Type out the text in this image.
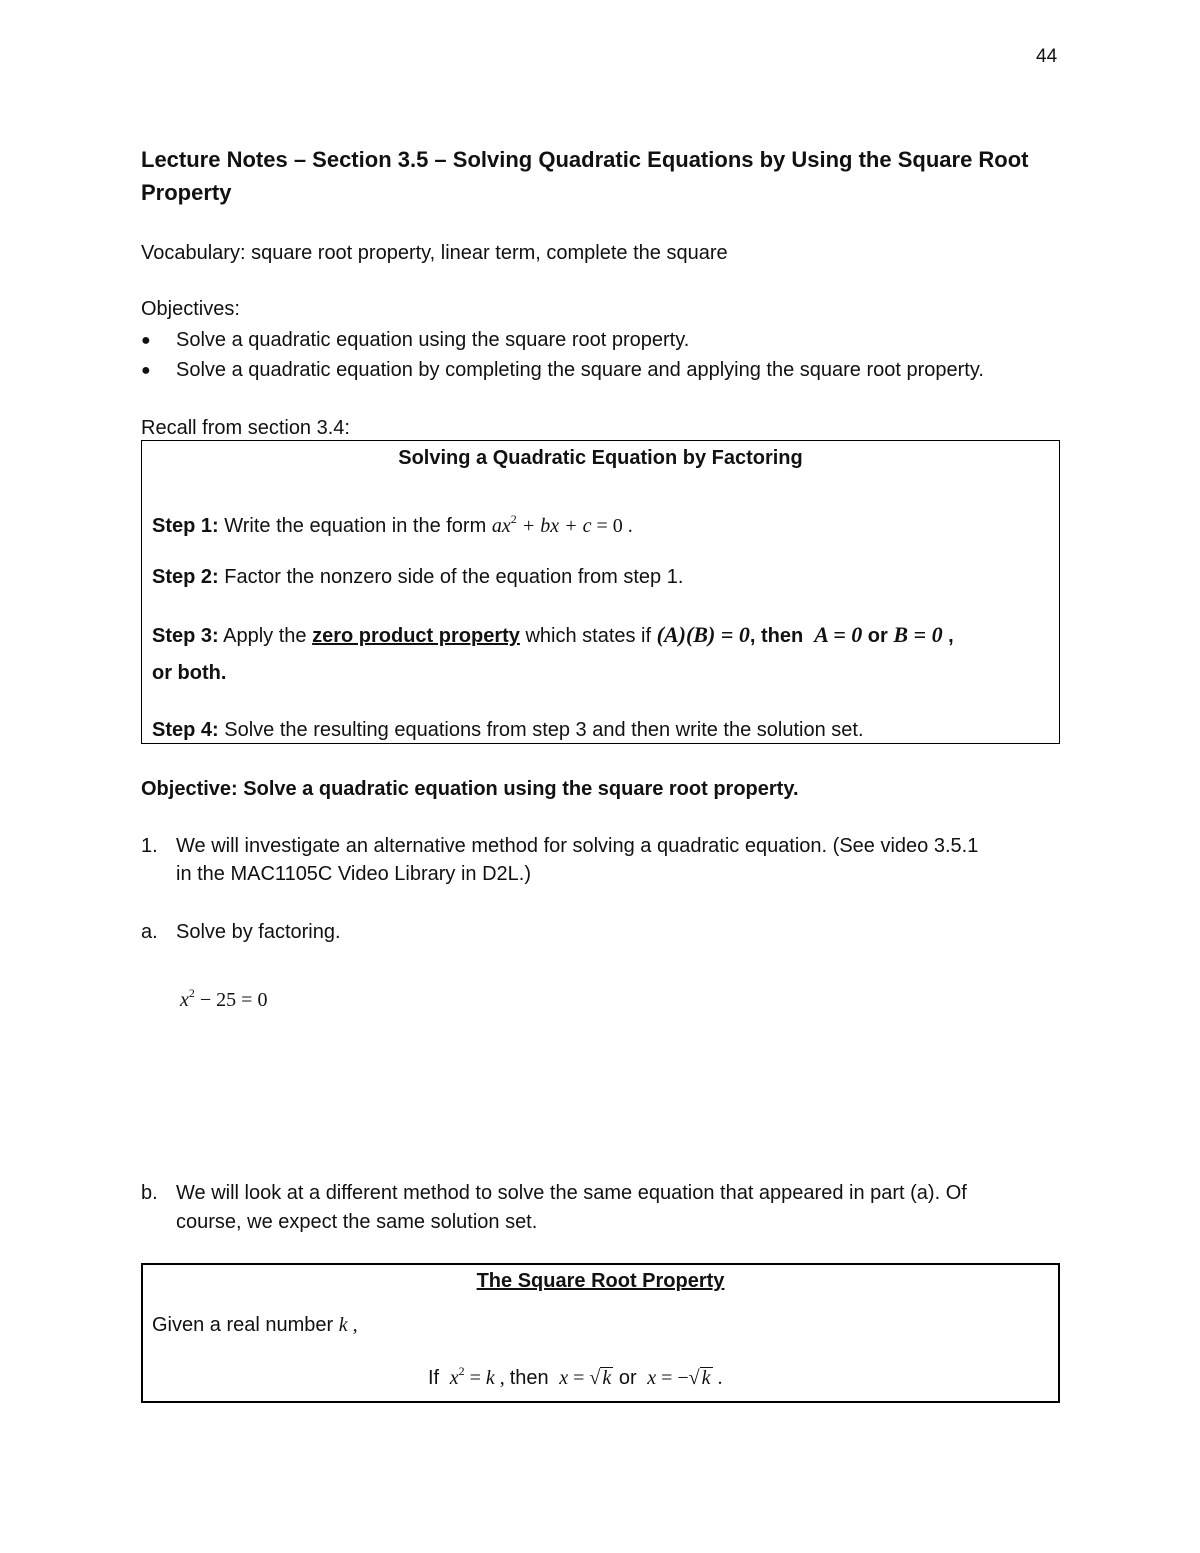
44
Lecture Notes – Section 3.5 – Solving Quadratic Equations by Using the Square Root Property
Vocabulary: square root property, linear term, complete the square
Objectives:
● Solve a quadratic equation using the square root property.
● Solve a quadratic equation by completing the square and applying the square root property.
Recall from section 3.4:
Solving a Quadratic Equation by Factoring
Step 1: Write the equation in the form $ax^2$ + bx + c = 0 .
Step 2: Factor the nonzero side of the equation from step 1.
Step 3: Apply the zero product property which states if (A)(B) = 0, then  A = 0 or B = 0 ,
or both.
Step 4: Solve the resulting equations from step 3 and then write the solution set.
Objective: Solve a quadratic equation using the square root property.
1. We will investigate an alternative method for solving a quadratic equation. (See video 3.5.1
in the MAC1105C Video Library in D2L.)
a. Solve by factoring.
$x^2 - 25 = 0$
b. We will look at a different method to solve the same equation that appeared in part (a). Of
course, we expect the same solution set.
The Square Root Property
Given a real number k ,
If  $x^2 = k$ , then  x = √ k or  x = −√ k .
